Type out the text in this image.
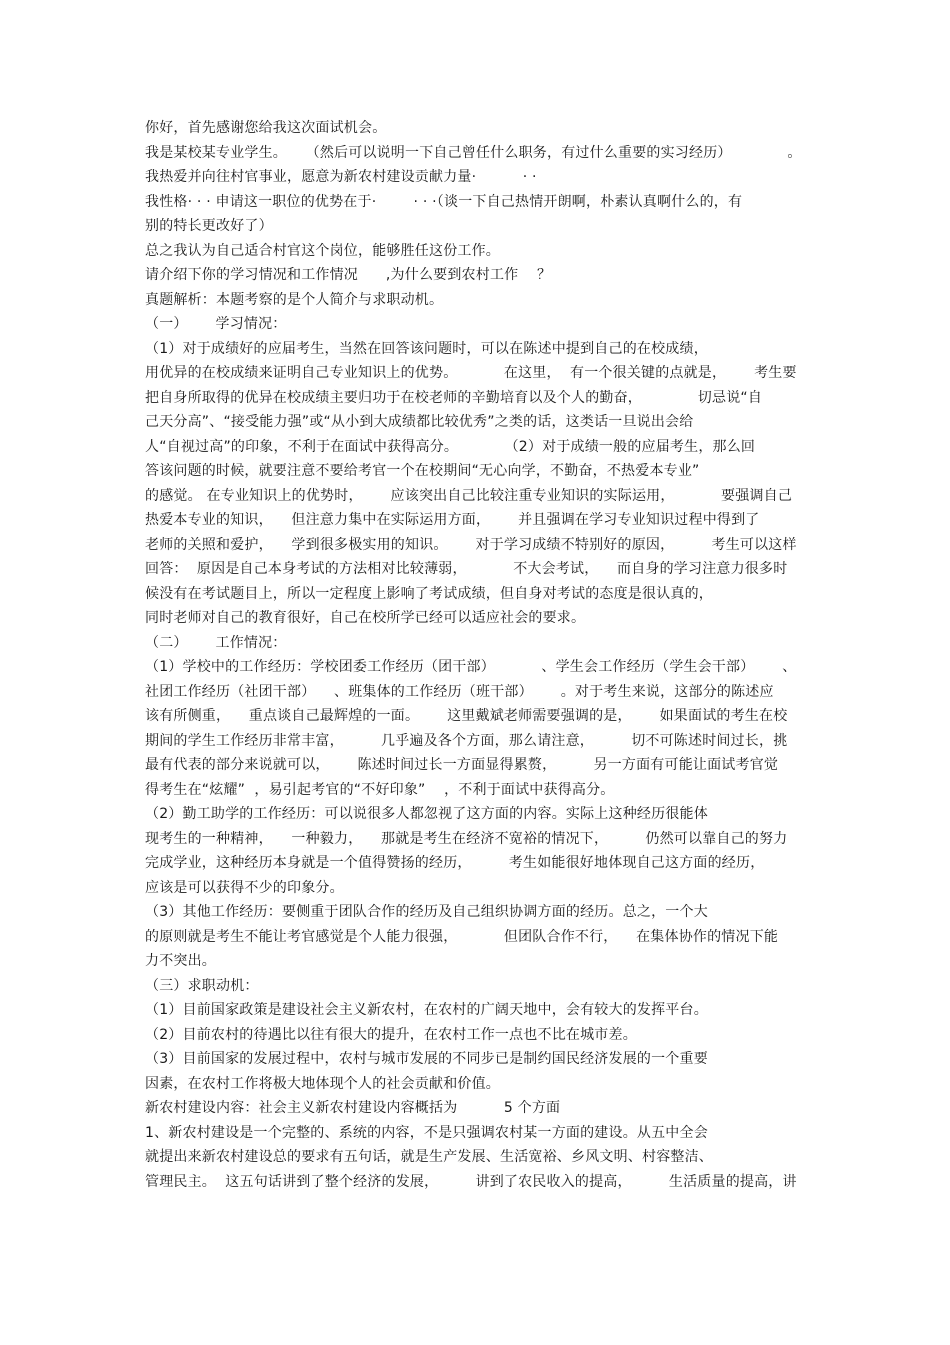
你好，首先感谢您给我这次面试机会。
我是某校某专业学生。    （然后可以说明一下自己曾任什么职务，有过什么重要的实习经历）            。
我热爱并向往村官事业，愿意为新农村建设贡献力量·          · ·
我性格· · · 申请这一职位的优势在于·        · · ·（谈一下自己热情开朗啊，朴素认真啊什么的，有
别的特长更改好了）
总之我认为自己适合村官这个岗位，能够胜任这份工作。
请介绍下你的学习情况和工作情况      ,为什么要到农村工作    ？
真题解析：本题考察的是个人简介与求职动机。
（一）      学习情况：
（1）对于成绩好的应届考生，当然在回答该问题时，可以在陈述中提到自己的在校成绩，
用优异的在校成绩来证明自己专业知识上的优势。          在这里，  有一个很关键的点就是，      考生要
把自身所取得的优异在校成绩主要归功于在校老师的辛勤培育以及个人的勤奋，            切忌说“自
己天分高”、“接受能力强”或“从小到大成绩都比较优秀”之类的话，这类话一旦说出会给
人“自视过高”的印象，不利于在面试中获得高分。          （2）对于成绩一般的应届考生，那么回
答该问题的时候，就要注意不要给考官一个在校期间“无心向学，不勤奋，不热爱本专业”
的感觉。 在专业知识上的优势时，      应该突出自己比较注重专业知识的实际运用，          要强调自己
热爱本专业的知识，    但注意力集中在实际运用方面，      并且强调在学习专业知识过程中得到了
老师的关照和爱护，    学到很多极实用的知识。      对于学习成绩不特别好的原因，        考生可以这样
回答：  原因是自己本身考试的方法相对比较薄弱，          不大会考试，    而自身的学习注意力很多时
候没有在考试题目上，所以一定程度上影响了考试成绩，但自身对考试的态度是很认真的，
同时老师对自己的教育很好，自己在校所学已经可以适应社会的要求。
（二）      工作情况：
（1）学校中的工作经历：学校团委工作经历（团干部）          、学生会工作经历（学生会干部）      、
社团工作经历（社团干部）    、班集体的工作经历（班干部）      。对于考生来说，这部分的陈述应
该有所侧重，    重点谈自己最辉煌的一面。      这里戴斌老师需要强调的是，      如果面试的考生在校
期间的学生工作经历非常丰富，        几乎遍及各个方面，那么请注意，        切不可陈述时间过长，挑
最有代表的部分来说就可以，      陈述时间过长一方面显得累赘，        另一方面有可能让面试考官觉
得考生在“炫耀”  ，易引起考官的“不好印象”    ，不利于面试中获得高分。
（2）勤工助学的工作经历：可以说很多人都忽视了这方面的内容。实际上这种经历很能体
现考生的一种精神，    一种毅力，    那就是考生在经济不宽裕的情况下，        仍然可以靠自己的努力
完成学业，这种经历本身就是一个值得赞扬的经历，        考生如能很好地体现自己这方面的经历，
应该是可以获得不少的印象分。
（3）其他工作经历：要侧重于团队合作的经历及自己组织协调方面的经历。总之，一个大
的原则就是考生不能让考官感觉是个人能力很强，          但团队合作不行，    在集体协作的情况下能
力不突出。
（三）求职动机：
（1）目前国家政策是建设社会主义新农村，在农村的广阔天地中，会有较大的发挥平台。
（2）目前农村的待遇比以往有很大的提升，在农村工作一点也不比在城市差。
（3）目前国家的发展过程中，农村与城市发展的不同步已是制约国民经济发展的一个重要
因素，在农村工作将极大地体现个人的社会贡献和价值。
新农村建设内容：社会主义新农村建设内容概括为          5 个方面
1、新农村建设是一个完整的、系统的内容，不是只强调农村某一方面的建设。从五中全会
就提出来新农村建设总的要求有五句话，就是生产发展、生活宽裕、乡风文明、村容整洁、
管理民主。  这五句话讲到了整个经济的发展，        讲到了农民收入的提高，        生活质量的提高，讲
